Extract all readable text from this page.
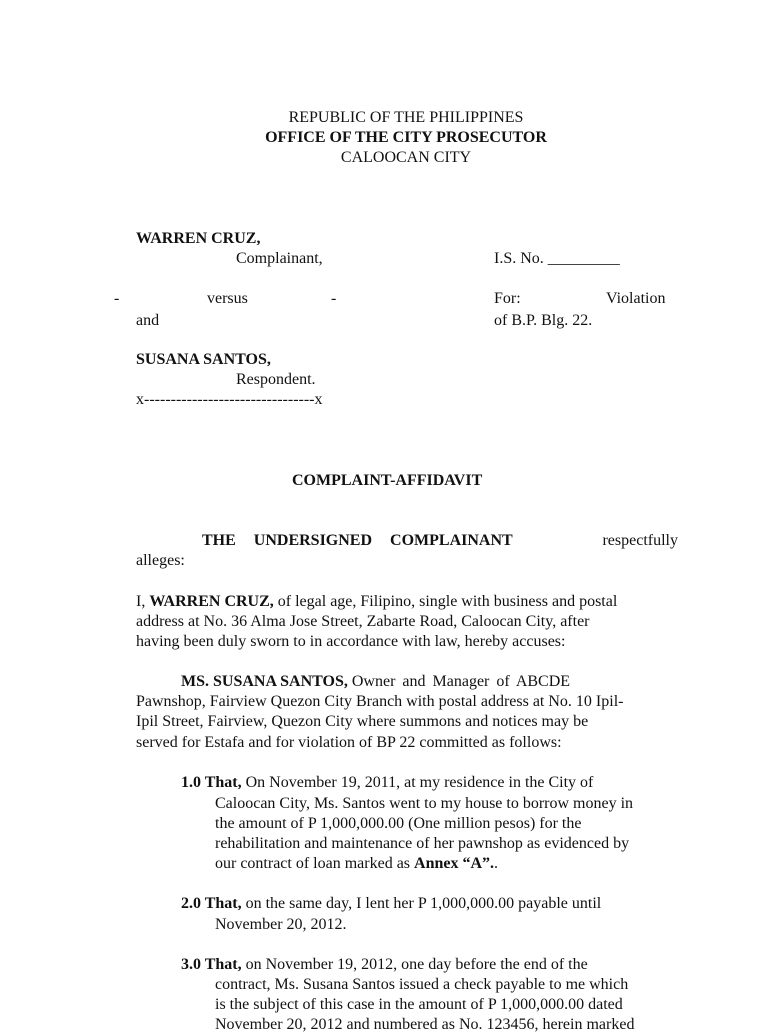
REPUBLIC OF THE PHILIPPINES
OFFICE OF THE CITY PROSECUTOR
CALOOCAN CITY
WARREN CRUZ,
Complainant,	I.S. No. _________
-	versus	-
and
For:	Violation
of B.P. Blg. 22.
SUSANA SANTOS,
Respondent.
x--------------------------------x
COMPLAINT-AFFIDAVIT
THE UNDERSIGNED COMPLAINANT	respectfully
alleges:
I, WARREN CRUZ, of legal age, Filipino, single with business and postal
address at No. 36 Alma Jose Street, Zabarte Road, Caloocan City, after
having been duly sworn to in accordance with law, hereby accuses:
MS. SUSANA SANTOS, Owner and Manager of ABCDE
Pawnshop, Fairview Quezon City Branch with postal address at No. 10 Ipil-
Ipil Street, Fairview, Quezon City where summons and notices may be
served for Estafa and for violation of BP 22 committed as follows:
1.0 That, On November 19, 2011, at my residence in the City of
Caloocan City, Ms. Santos went to my house to borrow money in
the amount of P 1,000,000.00 (One million pesos) for the
rehabilitation and maintenance of her pawnshop as evidenced by
our contract of loan marked as Annex “A”..
2.0 That, on the same day, I lent her P 1,000,000.00 payable until
November 20, 2012.
3.0 That, on November 19, 2012, one day before the end of the
contract, Ms. Susana Santos issued a check payable to me which
is the subject of this case in the amount of P 1,000,000.00 dated
November 20, 2012 and numbered as No. 123456, herein marked
